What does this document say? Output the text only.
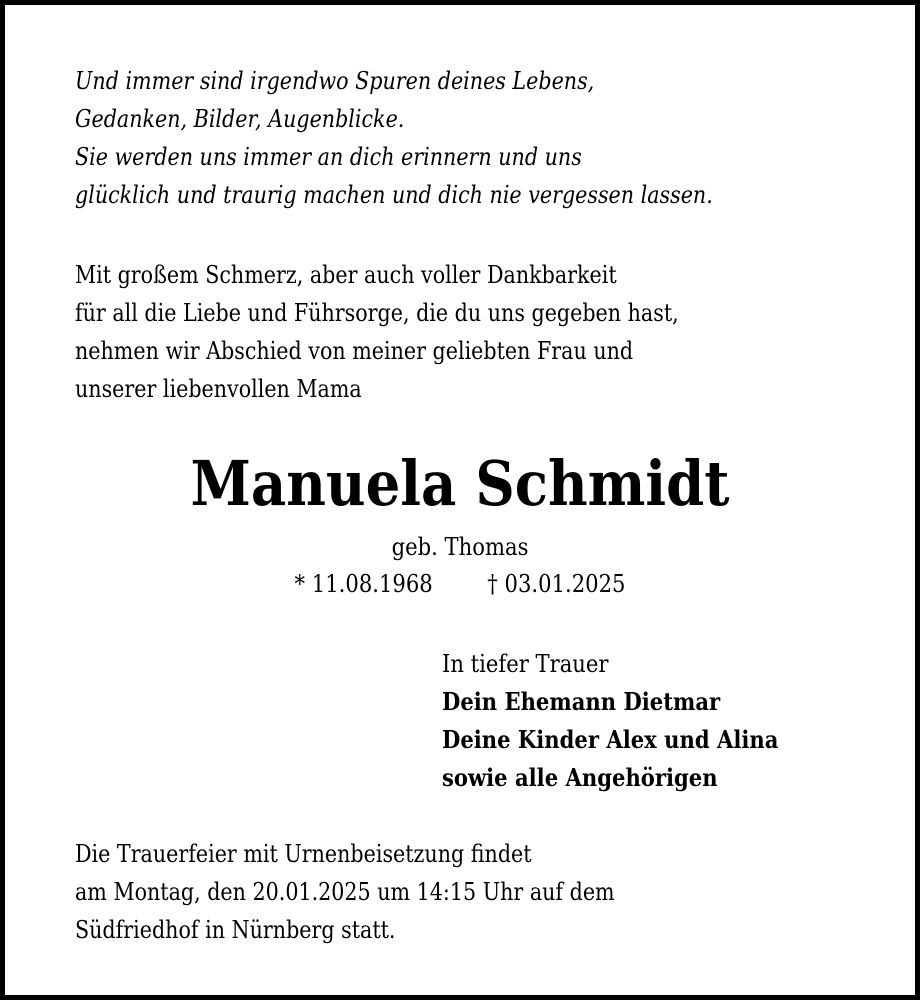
Und immer sind irgendwo Spuren deines Lebens,
Gedanken, Bilder, Augenblicke.
Sie werden uns immer an dich erinnern und uns
glücklich und traurig machen und dich nie vergessen lassen.
Mit großem Schmerz, aber auch voller Dankbarkeit
für all die Liebe und Führsorge, die du uns gegeben hast,
nehmen wir Abschied von meiner geliebten Frau und
unserer liebenvollen Mama
Manuela Schmidt
geb. Thomas
* 11.08.1968 † 03.01.2025
In tiefer Trauer
Dein Ehemann Dietmar
Deine Kinder Alex und Alina
sowie alle Angehörigen
Die Trauerfeier mit Urnenbeisetzung findet
am Montag, den 20.01.2025 um 14:15 Uhr auf dem
Südfriedhof in Nürnberg statt.
